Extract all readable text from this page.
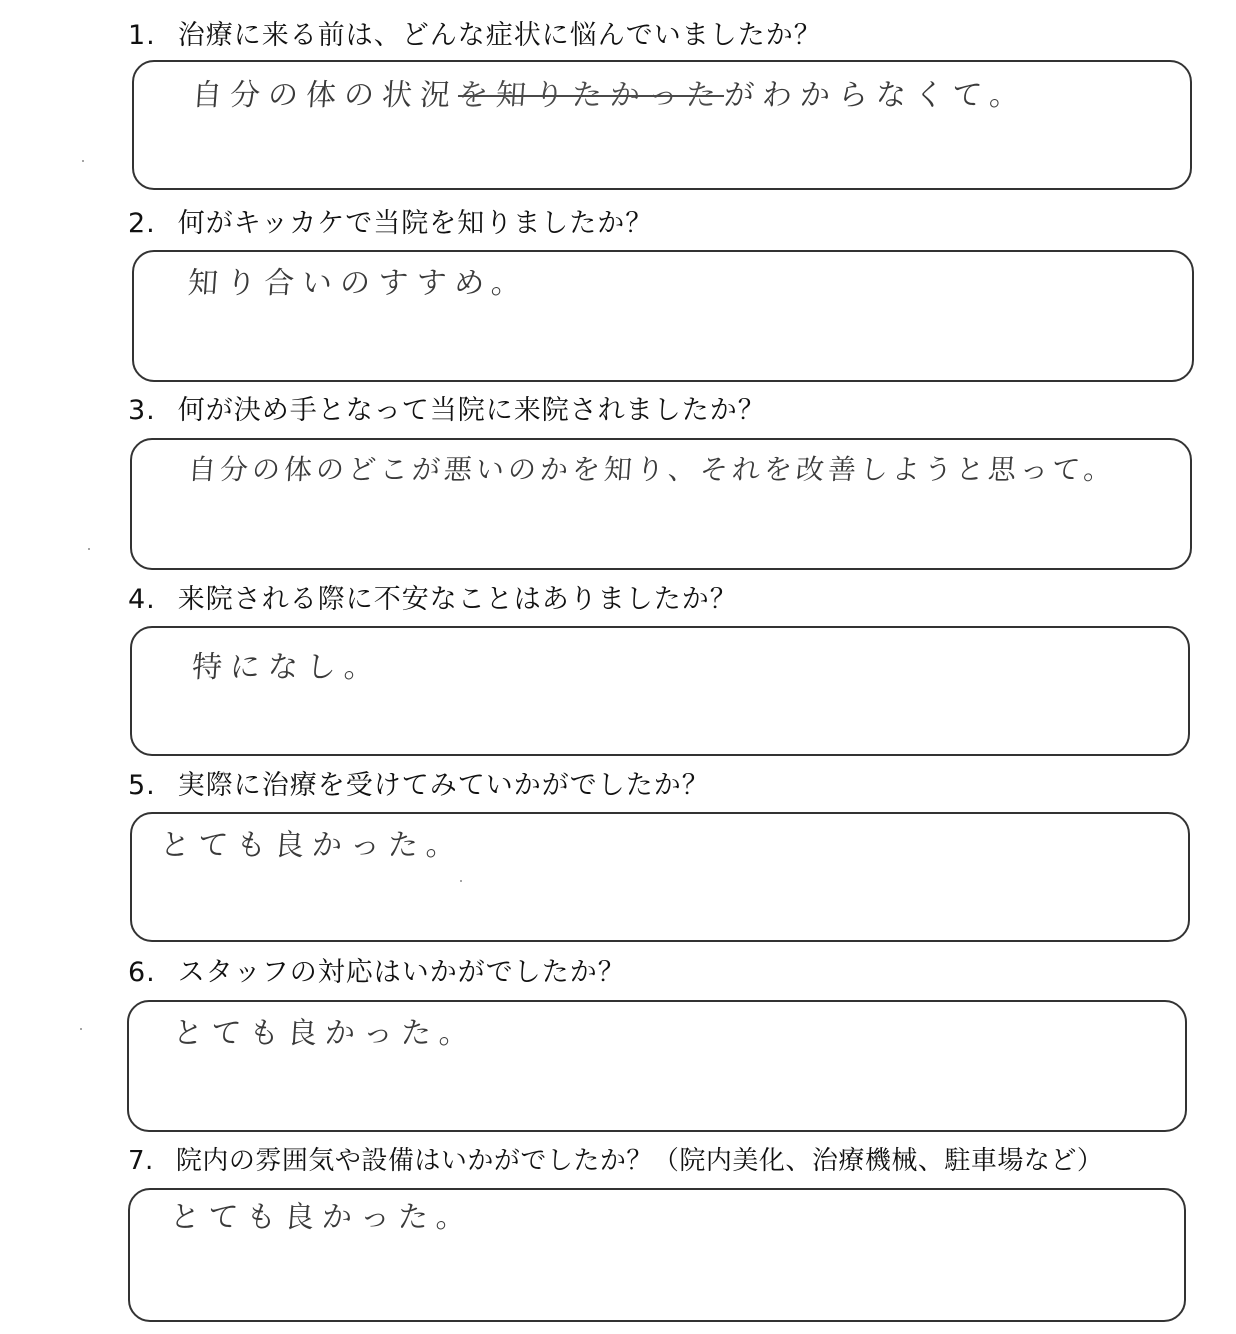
1. 治療に来る前は、どんな症状に悩んでいましたか？
自分の体の状況を知りたかったがわからなくて。
2. 何がキッカケで当院を知りましたか？
知り合いのすすめ。
3. 何が決め手となって当院に来院されましたか？
自分の体のどこが悪いのかを知り、それを改善しようと思って。
4. 来院される際に不安なことはありましたか？
特になし。
5. 実際に治療を受けてみていかがでしたか？
とても良かった。
6. スタッフの対応はいかがでしたか？
とても良かった。
7. 院内の雰囲気や設備はいかがでしたか？（院内美化、治療機械、駐車場など）
とても良かった。
